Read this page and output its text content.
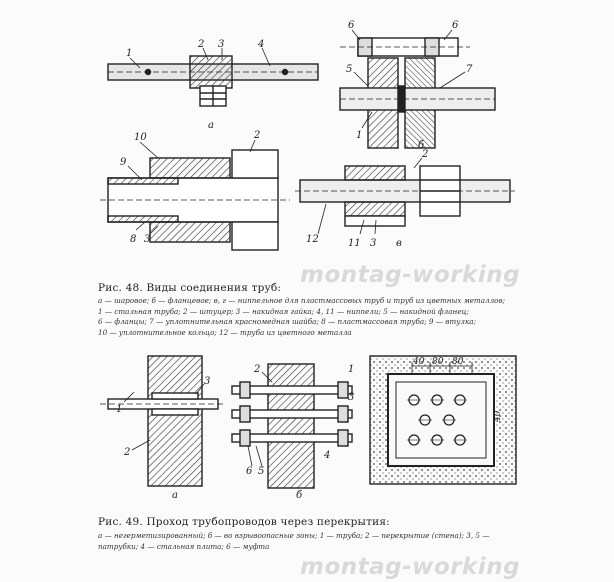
1
2 3	4
а
6	6
5	7
1
б
10	2
9
8 3
2
12	11 3 в
1
3
2
а
2	1
3
6 5
4
б
40 80 80
40
montag-working
montag-working
Рис. 48. Виды соединения труб:
а — шаровое; б — фланцевое; в, г — ниппельное для пластмассовых труб и труб из цветных металлов;
1 — стальная труба; 2 — штуцер; 3 — накидная гайка; 4, 11 — ниппели; 5 — накидной фланец;
6 — фланцы; 7 — уплотнительная красномедная шайба; 8 — пластмассовая труба; 9 — втулка;
10 — уплотнительное кольцо; 12 — труба из цветного металла
Рис. 49. Проход трубопроводов через перекрытия:
а — негерметизированный; б — во взрывоопасные зоны; 1 — труба; 2 — перекрытие (стена); 3, 5 —
патрубки; 4 — стальная плита; 6 — муфта
